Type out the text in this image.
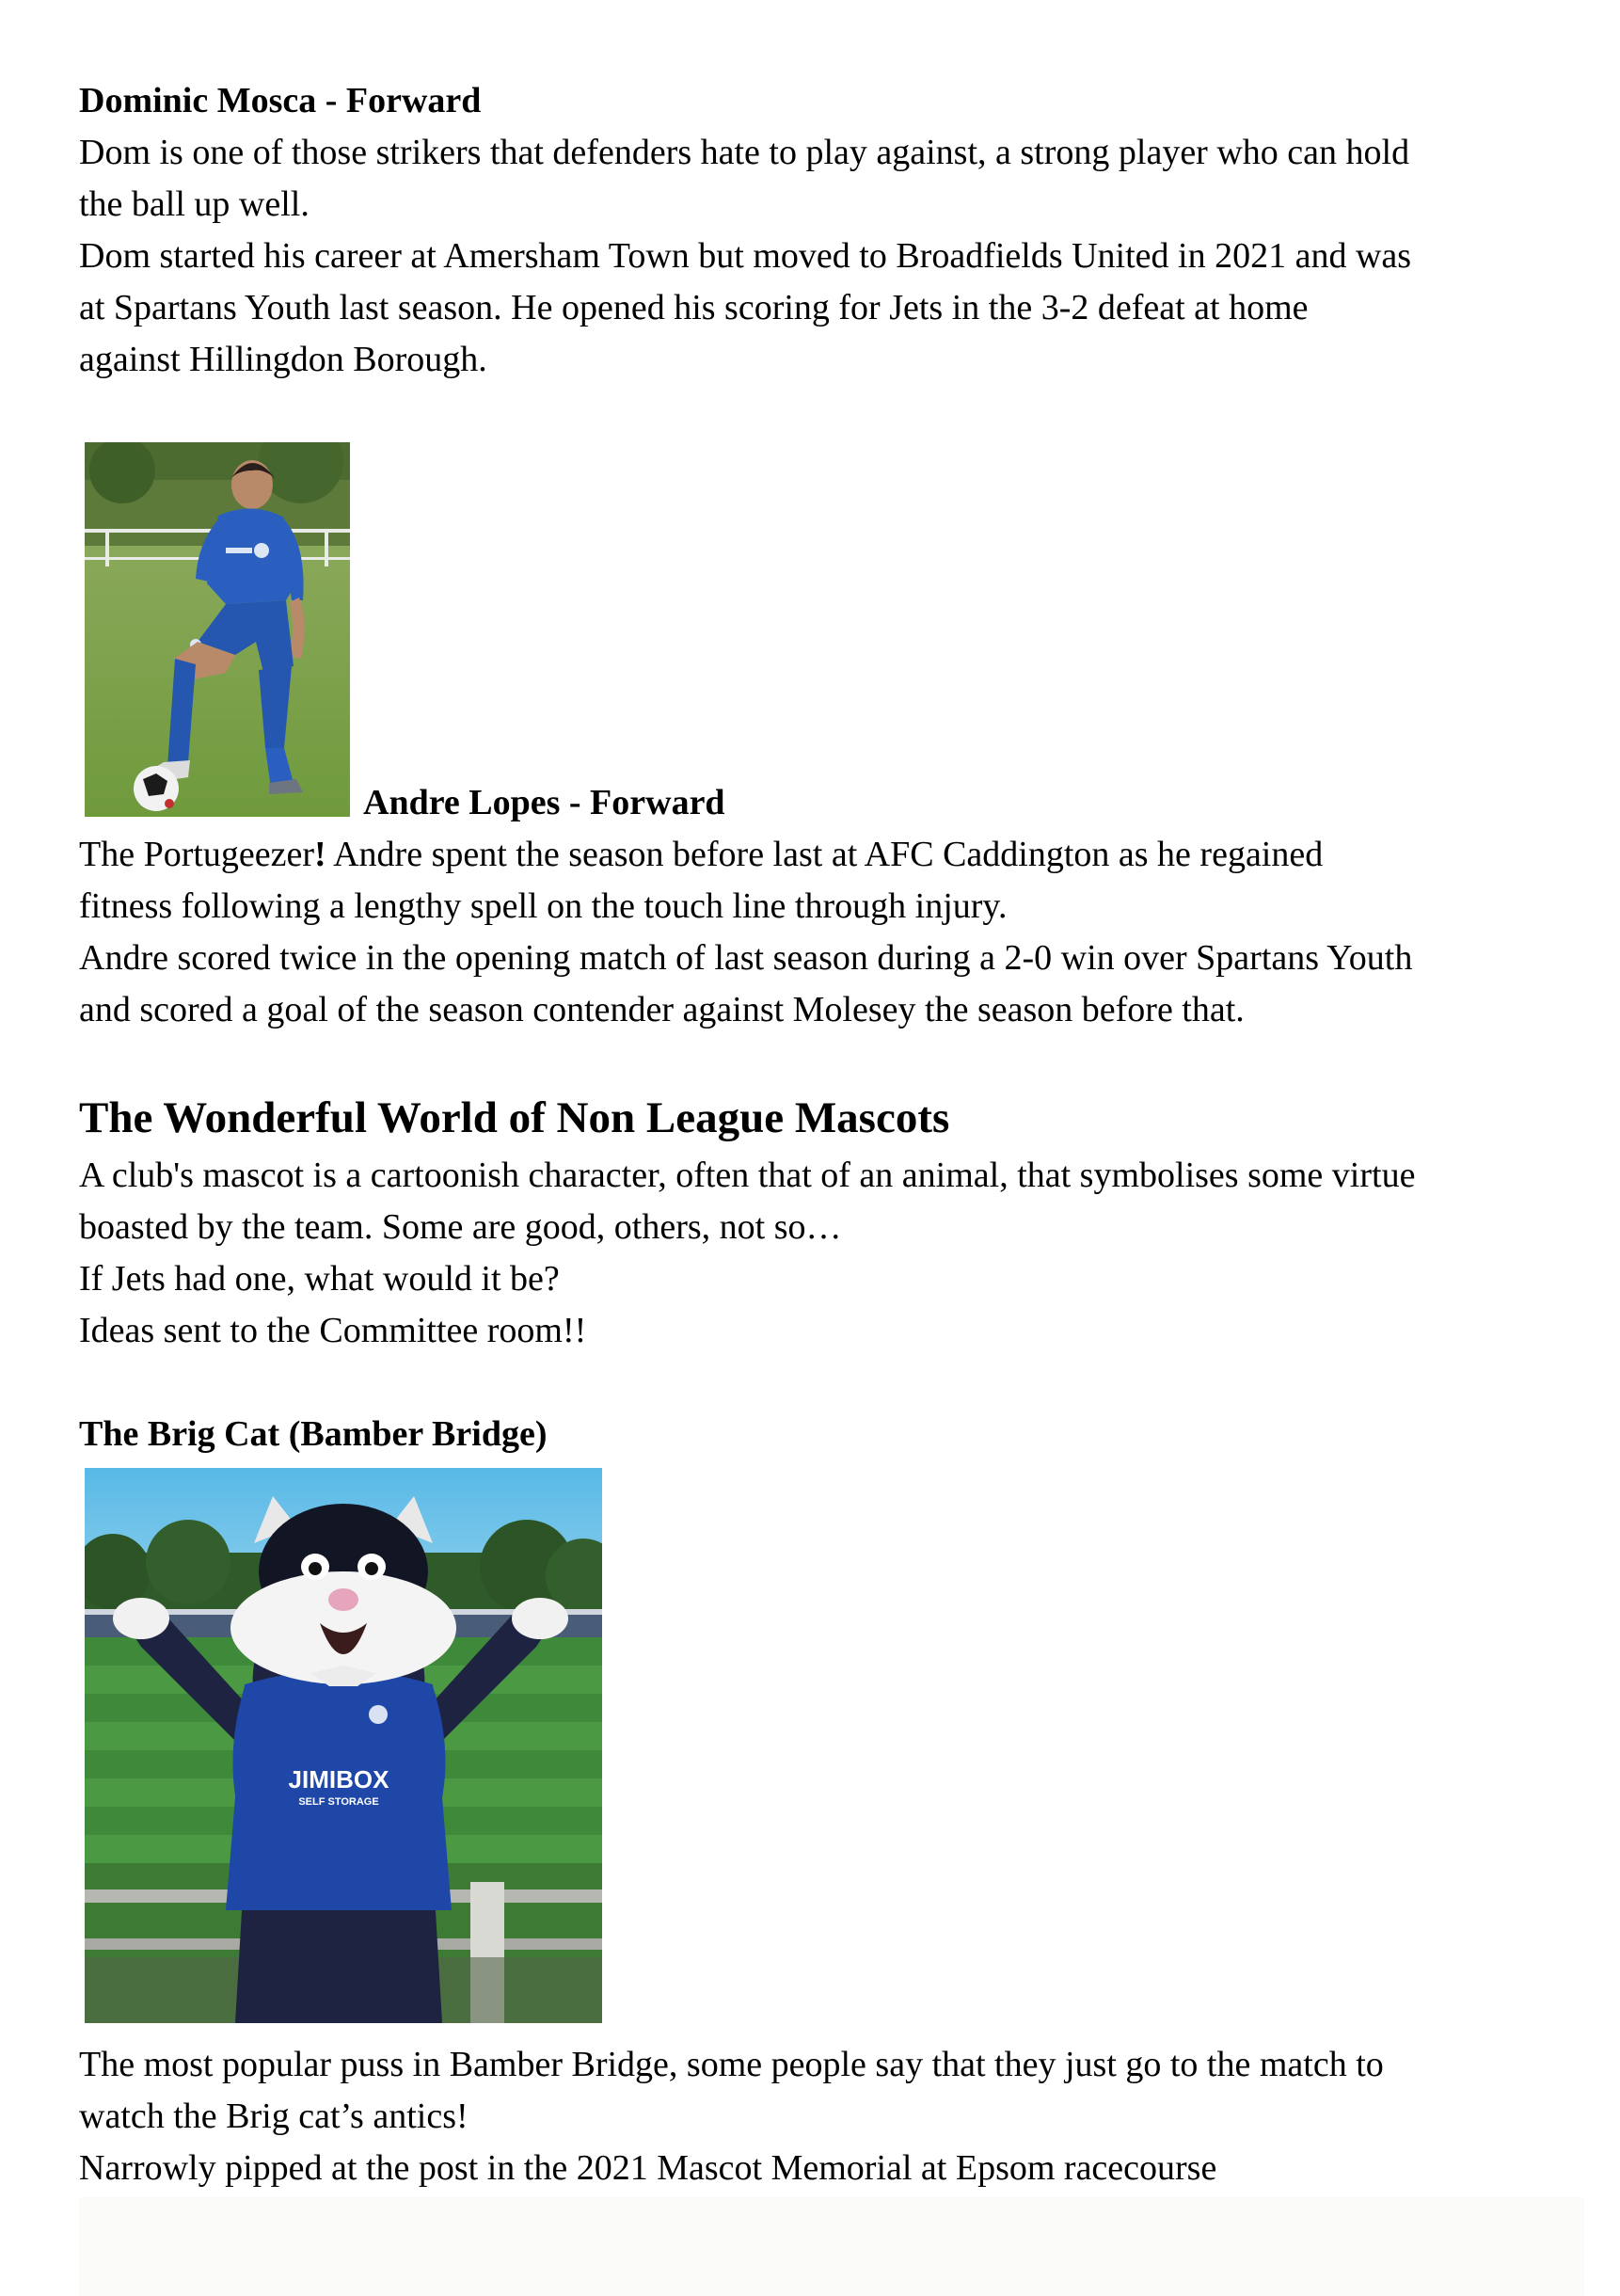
Dominic Mosca - Forward
Dom is one of those strikers that defenders hate to play against, a strong player who can hold
the ball up well.
Dom started his career at Amersham Town but moved to Broadfields United in 2021 and was
at Spartans Youth last season. He opened his scoring for Jets in the 3-2 defeat at home
against Hillingdon Borough.
Andre Lopes - Forward
The Portugeezer! Andre spent the season before last at AFC Caddington as he regained
fitness following a lengthy spell on the touch line through injury.
Andre scored twice in the opening match of last season during a 2-0 win over Spartans Youth
and scored a goal of the season contender against Molesey the season before that.
The Wonderful World of Non League Mascots
A club's mascot is a cartoonish character, often that of an animal, that symbolises some virtue
boasted by the team. Some are good, others, not so…
If Jets had one, what would it be?
Ideas sent to the Committee room!!
The Brig Cat (Bamber Bridge)
JIMIBOX
SELF STORAGE
The most popular puss in Bamber Bridge, some people say that they just go to the match to
watch the Brig cat’s antics!
Narrowly pipped at the post in the 2021 Mascot Memorial at Epsom racecourse
